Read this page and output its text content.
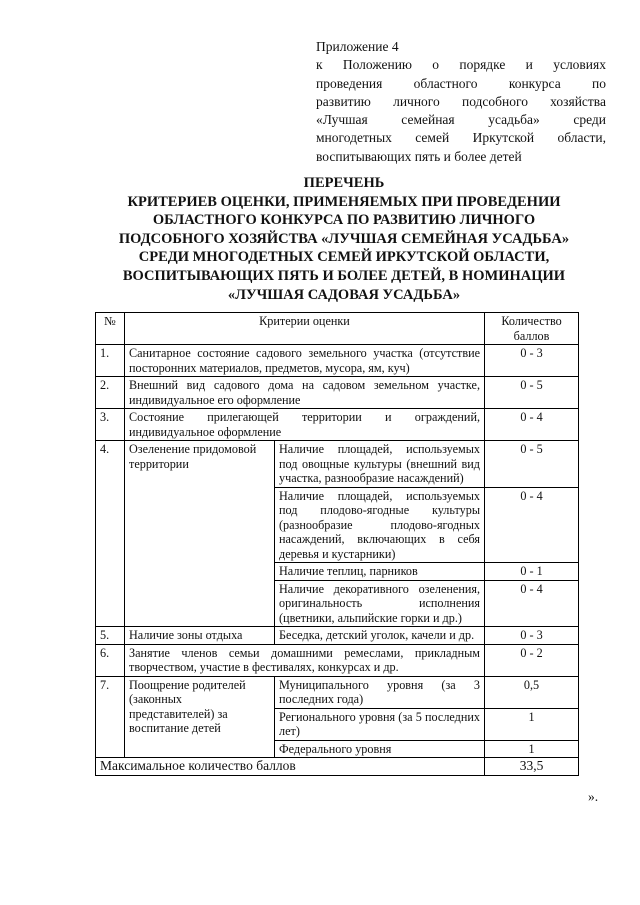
Приложение 4
к Положению о порядке и условиях
проведения областного конкурса по
развитию личного подсобного хозяйства
«Лучшая семейная усадьба» среди
многодетных семей Иркутской области,
воспитывающих пять и более детей
ПЕРЕЧЕНЬ
КРИТЕРИЕВ ОЦЕНКИ, ПРИМЕНЯЕМЫХ ПРИ ПРОВЕДЕНИИ
ОБЛАСТНОГО КОНКУРСА ПО РАЗВИТИЮ ЛИЧНОГО
ПОДСОБНОГО ХОЗЯЙСТВА «ЛУЧШАЯ СЕМЕЙНАЯ УСАДЬБА»
СРЕДИ МНОГОДЕТНЫХ СЕМЕЙ ИРКУТСКОЙ ОБЛАСТИ,
ВОСПИТЫВАЮЩИХ ПЯТЬ И БОЛЕЕ ДЕТЕЙ, В НОМИНАЦИИ
«ЛУЧШАЯ САДОВАЯ УСАДЬБА»
№	Критерии оценки		Количество баллов
1.	Санитарное состояние садового земельного участка (отсутствие посторонних материалов, предметов, мусора, ям, куч)		0 - 3
2.	Внешний вид садового дома на садовом земельном участке, индивидуальное его оформление		0 - 5
3.	Состояние прилегающей территории и ограждений, индивидуальное оформление		0 - 4
4.	Озеленение придомовой территории	Наличие площадей, используемых под овощные культуры (внешний вид участка, разнообразие насаждений)	0 - 5
		Наличие площадей, используемых под плодово-ягодные культуры (разнообразие плодово-ягодных насаждений, включающих в себя деревья и кустарники)	0 - 4
		Наличие теплиц, парников	0 - 1
		Наличие декоративного озеленения, оригинальность исполнения (цветники, альпийские горки и др.)	0 - 4
5.	Наличие зоны отдыха	Беседка, детский уголок, качели и др.	0 - 3
6.	Занятие членов семьи домашними ремеслами, прикладным творчеством, участие в фестивалях, конкурсах и др.		0 - 2
7.	Поощрение родителей (законных представителей) за воспитание детей	Муниципального уровня (за 3 последних года)	0,5
		Регионального уровня (за 5 последних лет)	1
		Федерального уровня	1
Максимальное количество баллов			33,5
».
